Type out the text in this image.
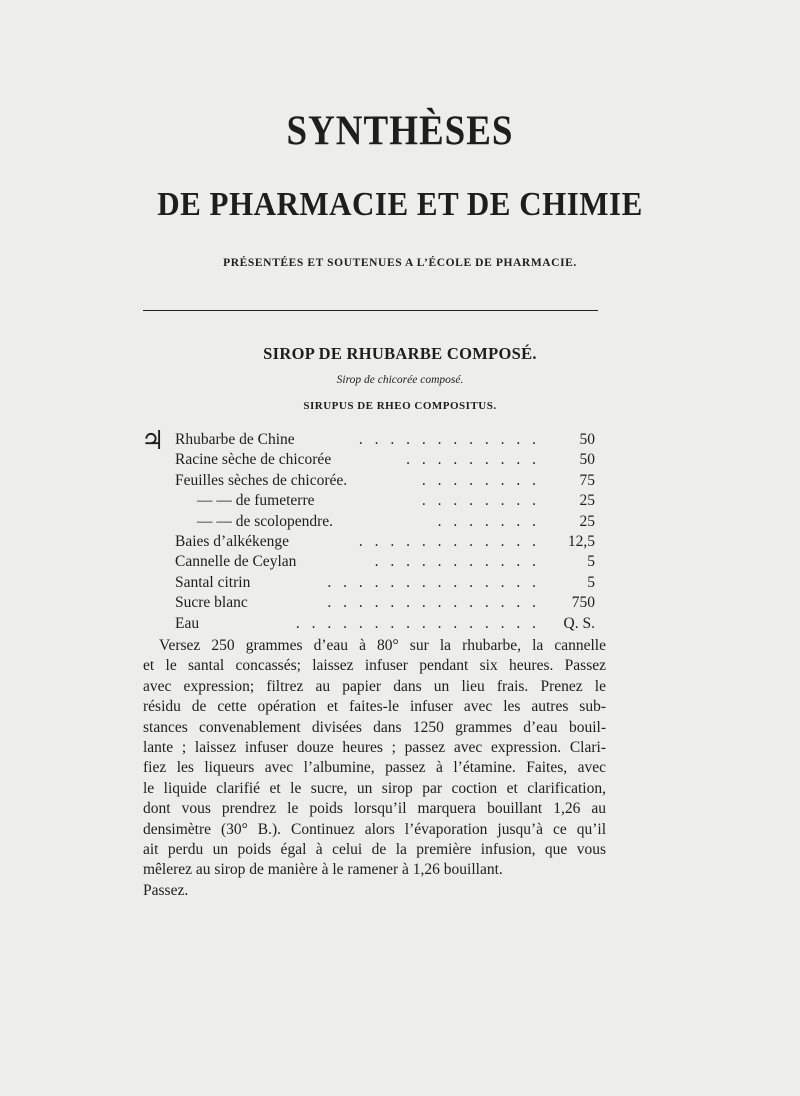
SYNTHÈSES
DE PHARMACIE ET DE CHIMIE
PRÉSENTÉES ET SOUTENUES A L’ÉCOLE DE PHARMACIE.
SIROP DE RHUBARBE COMPOSÉ.
Sirop de chicorée composé.
SIRUPUS DE RHEO COMPOSITUS.
♃ Rhubarbe de Chine	. . . . . . . . . . . .	50
Racine sèche de chicorée	. . . . . . . . .	50
Feuilles sèches de chicorée.	. . . . . . . .	75
— — de fumeterre	. . . . . . . .	25
— — de scolopendre.	. . . . . . .	25
Baies d’alkékenge	. . . . . . . . . . . . 12,5
Cannelle de Ceylan	. . . . . . . . . . .	5
Santal citrin	. . . . . . . . . . . . . .	5
Sucre blanc	. . . . . . . . . . . . . . 750
Eau	. . . . . . . . . . . . . . . . Q. S.
Versez 250 grammes d’eau à 80° sur la rhubarbe, la cannelle
et le santal concassés; laissez infuser pendant six heures. Passez
avec expression; filtrez au papier dans un lieu frais. Prenez le
résidu de cette opération et faites-le infuser avec les autres sub-
stances convenablement divisées dans 1250 grammes d’eau bouil-
lante ; laissez infuser douze heures ; passez avec expression. Clari-
fiez les liqueurs avec l’albumine, passez à l’étamine. Faites, avec
le liquide clarifié et le sucre, un sirop par coction et clarification,
dont vous prendrez le poids lorsqu’il marquera bouillant 1,26 au
densimètre (30° B.). Continuez alors l’évaporation jusqu’à ce qu’il
ait perdu un poids égal à celui de la première infusion, que vous
mêlerez au sirop de manière à le ramener à 1,26 bouillant.
Passez.
